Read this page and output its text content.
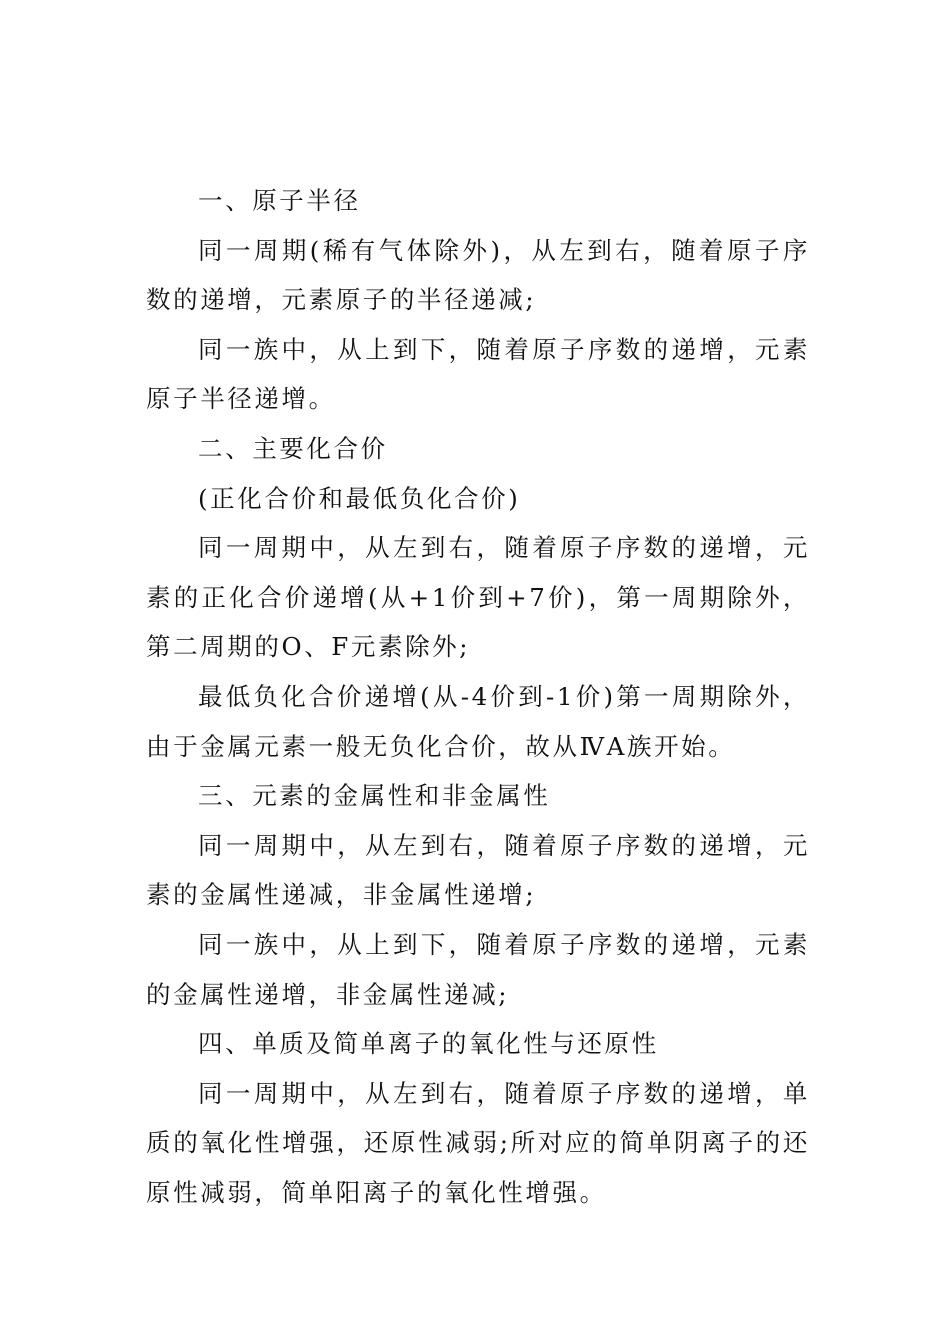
一、原子半径

同一周期(稀有气体除外)，从左到右，随着原子序数的递增，元素原子的半径递减;

同一族中，从上到下，随着原子序数的递增，元素原子半径递增。

二、主要化合价

(正化合价和最低负化合价)

同一周期中，从左到右，随着原子序数的递增，元素的正化合价递增(从+1价到+7价)，第一周期除外，第二周期的O、F元素除外;

最低负化合价递增(从-4价到-1价)第一周期除外，由于金属元素一般无负化合价，故从ⅣA族开始。

三、元素的金属性和非金属性

同一周期中，从左到右，随着原子序数的递增，元素的金属性递减，非金属性递增;

同一族中，从上到下，随着原子序数的递增，元素的金属性递增，非金属性递减;

四、单质及简单离子的氧化性与还原性

同一周期中，从左到右，随着原子序数的递增，单质的氧化性增强，还原性减弱;所对应的简单阴离子的还原性减弱，简单阳离子的氧化性增强。
